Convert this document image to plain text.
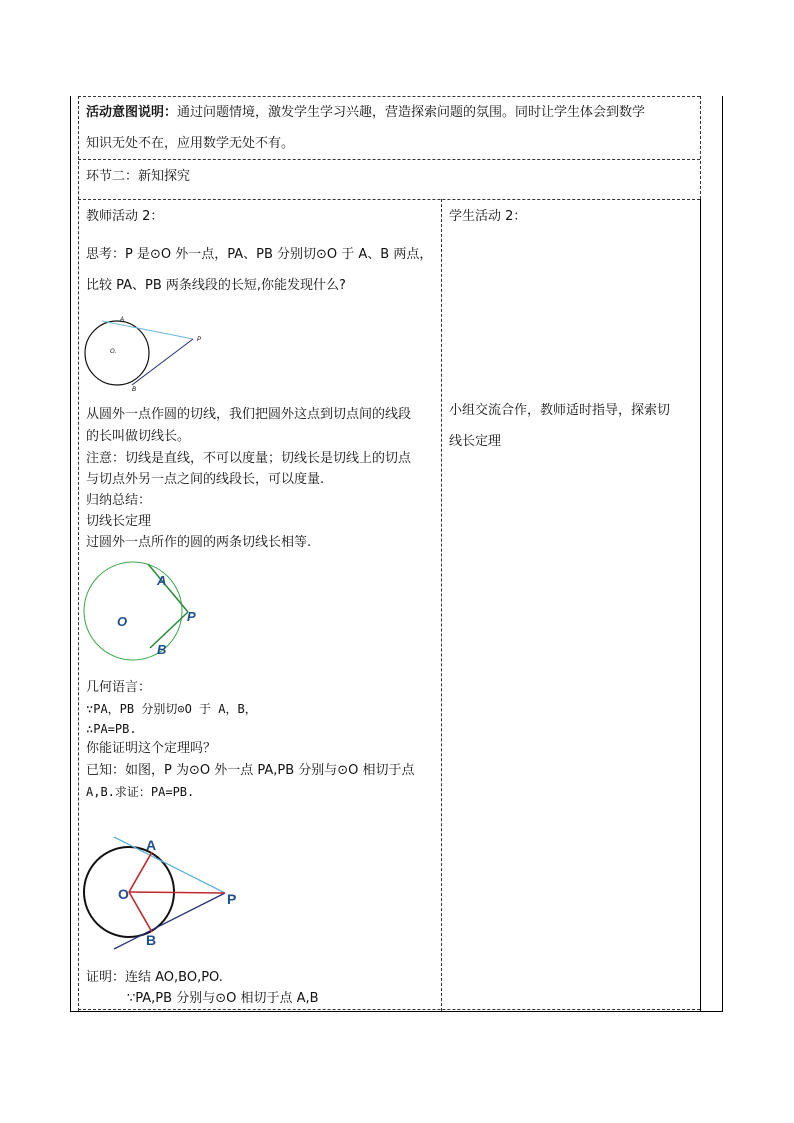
活动意图说明：通过问题情境，激发学生学习兴趣，营造探索问题的氛围。同时让学生体会到数学
知识无处不在，应用数学无处不有。
环节二：新知探究
教师活动 2：
思考：P 是⊙O 外一点，PA、PB 分别切⊙O 于 A、B 两点，
比较 PA、PB 两条线段的长短,你能发现什么?
A
O.
P
B
从圆外一点作圆的切线，我们把圆外这点到切点间的线段
的长叫做切线长。
注意：切线是直线，不可以度量；切线长是切线上的切点
与切点外另一点之间的线段长，可以度量.
归纳总结：
切线长定理
过圆外一点所作的圆的两条切线长相等.
A
O	P
B
几何语言：
∵PA，PB 分别切⊙O 于 A，B，
∴PA=PB.
你能证明这个定理吗？
已知：如图，P 为⊙O 外一点 PA,PB 分别与⊙O 相切于点
A,B.求证：PA=PB.
A
O	P
B
证明：连结 AO,BO,PO.
∵PA,PB 分别与⊙O 相切于点 A,B
学生活动 2：
小组交流合作，教师适时指导，探索切
线长定理
